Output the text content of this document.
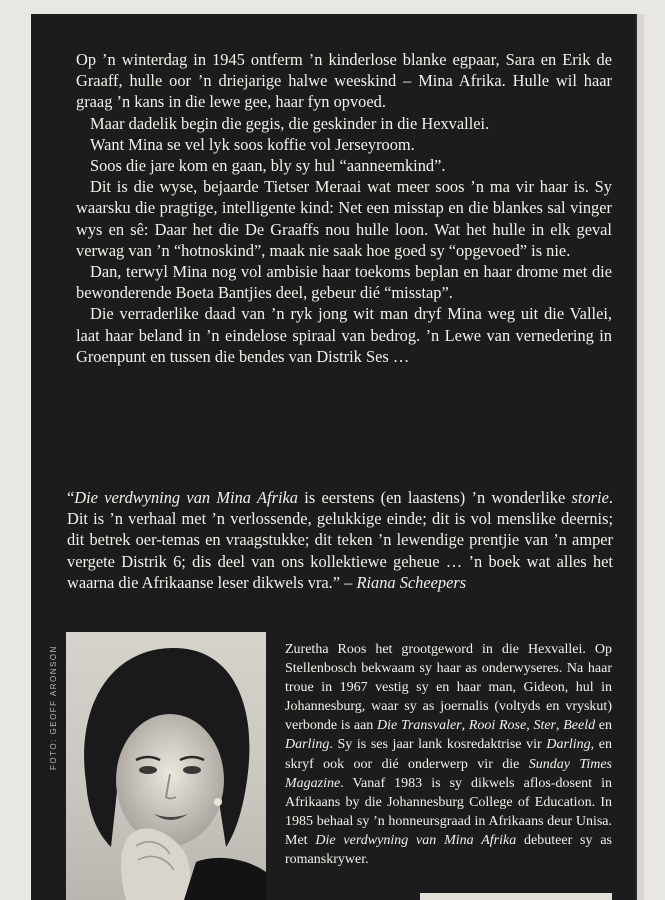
Op ’n winterdag in 1945 ontferm ’n kinderlose blanke egpaar, Sara en Erik de Graaff, hulle oor ’n driejarige halwe weeskind – Mina Afrika. Hulle wil haar graag ’n kans in die lewe gee, haar fyn opvoed.

Maar dadelik begin die gegis, die geskinder in die Hexvallei.

Want Mina se vel lyk soos koffie vol Jerseyroom.

Soos die jare kom en gaan, bly sy hul “aanneemkind”.

Dit is die wyse, bejaarde Tietser Meraai wat meer soos ’n ma vir haar is. Sy waarsku die pragtige, intelligente kind: Net een misstap en die blankes sal vinger wys en sê: Daar het die De Graaffs nou hulle loon. Wat het hulle in elk geval verwag van ’n “hotnoskind”, maak nie saak hoe goed sy “opgevoed” is nie.

Dan, terwyl Mina nog vol ambisie haar toekoms beplan en haar drome met die bewonderende Boeta Bantjies deel, gebeur dié “misstap”.

Die verraderlike daad van ’n ryk jong wit man dryf Mina weg uit die Vallei, laat haar beland in ’n eindelose spiraal van bedrog. ’n Lewe van vernedering in Groenpunt en tussen die bendes van Distrik Ses …

“Die verdwyning van Mina Afrika is eerstens (en laastens) ’n wonderlike storie. Dit is ’n verhaal met ’n verlossende, gelukkige einde; dit is vol menslike deernis; dit betrek oer-temas en vraagstukke; dit teken ’n lewendige prentjie van ’n amper vergete Distrik 6; dis deel van ons kollektiewe geheue … ’n boek wat alles het waarna die Afrikaanse leser dikwels vra.” – Riana Scheepers

FOTO: GEOFF ARONSON	Zuretha Roos het grootgeword in die Hexvallei. Op Stellenbosch bekwaam sy haar as onderwyseres. Na haar troue in 1967 vestig sy en haar man, Gideon, hul in Johannesburg, waar sy as joernalis (voltyds en vryskut) verbonde is aan Die Transvaler, Rooi Rose, Ster, Beeld en Darling. Sy is ses jaar lank kosredaktrise vir Darling, en skryf ook oor dié onderwerp vir die Sunday Times Magazine. Vanaf 1983 is sy dikwels aflos-dosent in Afrikaans by die Johannesburg College of Education. In 1985 behaal sy ’n honneursgraad in Afrikaans deur Unisa. Met Die verdwyning van Mina Afrika debuteer sy as romanskrywer.
